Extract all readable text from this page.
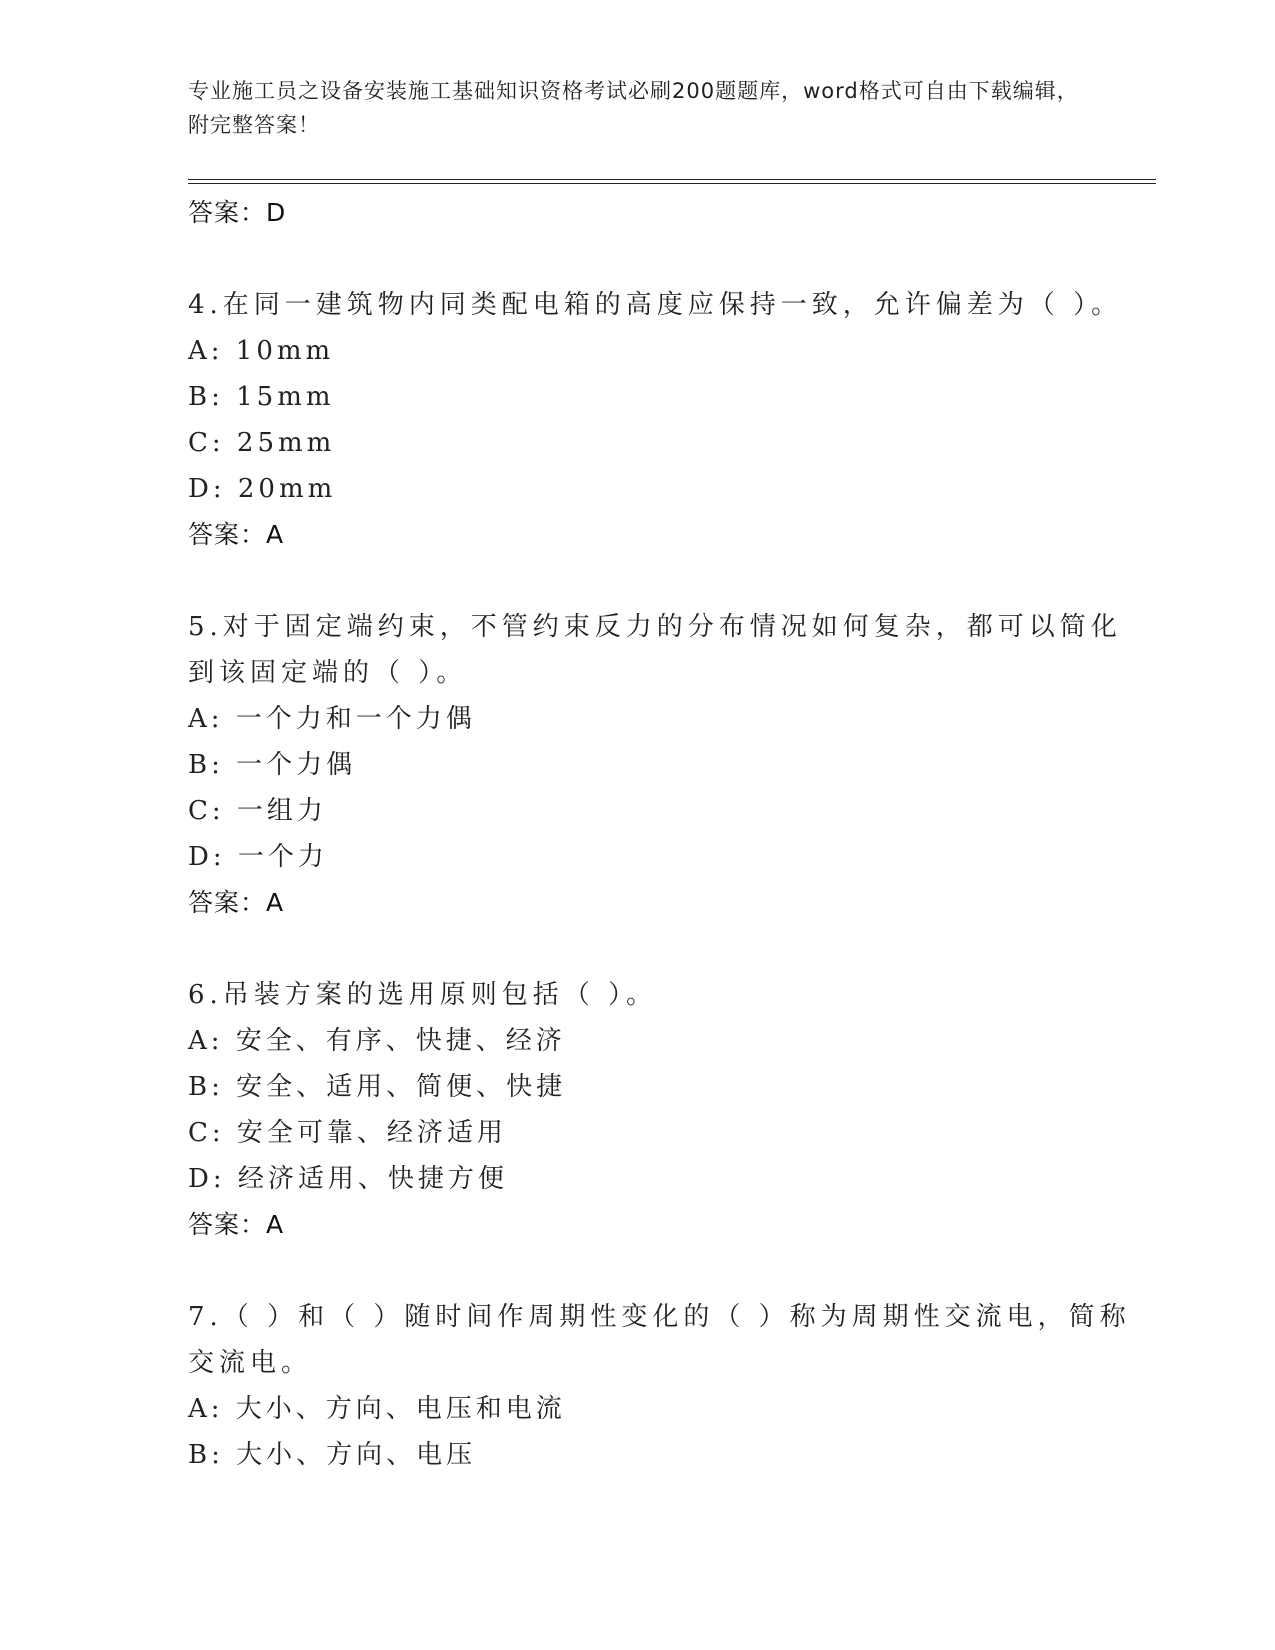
专业施工员之设备安装施工基础知识资格考试必刷200题题库，word格式可自由下载编辑，附完整答案！
答案：D
4.在同一建筑物内同类配电箱的高度应保持一致，允许偏差为（ ）。
A: 10mm
B: 15mm
C: 25mm
D: 20mm
答案：A
5.对于固定端约束，不管约束反力的分布情况如何复杂，都可以简化到该固定端的（ ）。
A: 一个力和一个力偶
B: 一个力偶
C: 一组力
D: 一个力
答案：A
6.吊装方案的选用原则包括（ ）。
A: 安全、有序、快捷、经济
B: 安全、适用、简便、快捷
C: 安全可靠、经济适用
D: 经济适用、快捷方便
答案：A
7.（ ）和（ ）随时间作周期性变化的（ ）称为周期性交流电，简称交流电。
A: 大小、方向、电压和电流
B: 大小、方向、电压
